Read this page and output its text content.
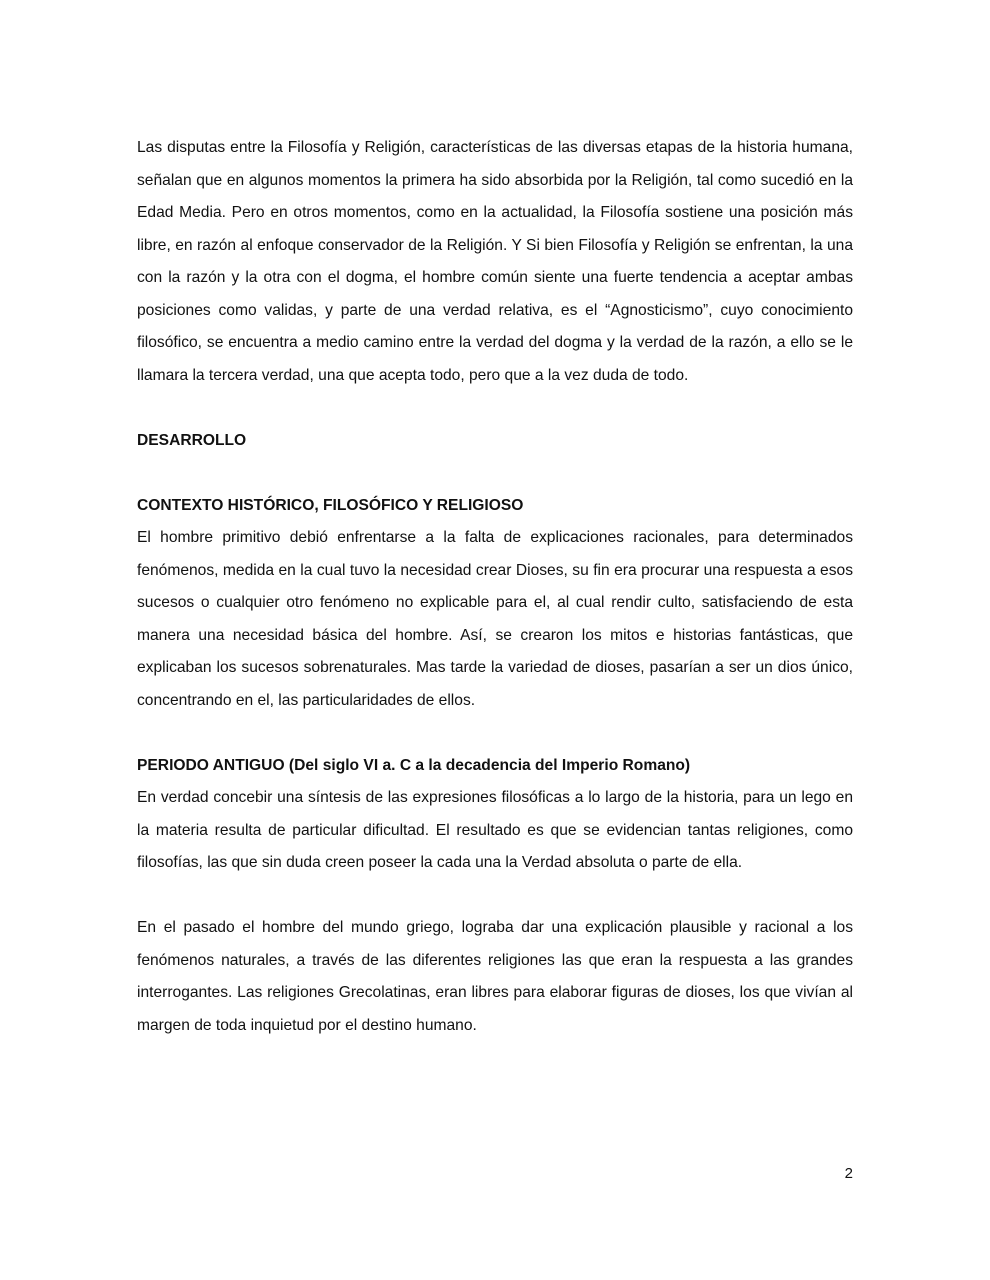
Las disputas entre la Filosofía y Religión, características de las diversas etapas de la historia humana, señalan que en algunos momentos la primera ha sido absorbida por la Religión, tal como sucedió en la Edad Media. Pero en otros momentos, como en la actualidad, la Filosofía sostiene una posición más libre, en razón al enfoque conservador de la Religión. Y Si bien Filosofía y Religión se enfrentan, la una con la razón y la otra con el dogma, el hombre común siente una fuerte tendencia a aceptar ambas posiciones como validas, y parte de una verdad relativa, es el “Agnosticismo”, cuyo conocimiento filosófico, se encuentra a medio camino entre la verdad del dogma y la verdad de la razón, a ello se le llamara la tercera verdad, una que acepta todo, pero que a la vez duda de todo.

DESARROLLO

CONTEXTO HISTÓRICO, FILOSÓFICO Y RELIGIOSO

El hombre primitivo debió enfrentarse a la falta de explicaciones racionales, para determinados fenómenos, medida en la cual tuvo la necesidad crear Dioses, su fin era procurar una respuesta a esos sucesos o cualquier otro fenómeno no explicable para el, al cual rendir culto, satisfaciendo de esta manera una necesidad básica del hombre. Así, se crearon los mitos e historias fantásticas, que explicaban los sucesos sobrenaturales. Mas tarde la variedad de dioses, pasarían a ser un dios único, concentrando en el, las particularidades de ellos.

PERIODO ANTIGUO (Del siglo VI a. C a la decadencia del Imperio Romano)

En verdad concebir una síntesis de las expresiones filosóficas a lo largo de la historia, para un lego en la materia resulta de particular dificultad. El resultado es que se evidencian tantas religiones, como filosofías, las que sin duda creen poseer la cada una la Verdad absoluta o parte de ella.

En el pasado el hombre del mundo griego, lograba dar una explicación plausible y racional a los fenómenos naturales, a través de las diferentes religiones las que eran la respuesta a las grandes interrogantes. Las religiones Grecolatinas, eran libres para elaborar figuras de dioses, los que vivían al margen de toda inquietud por el destino humano.

2
